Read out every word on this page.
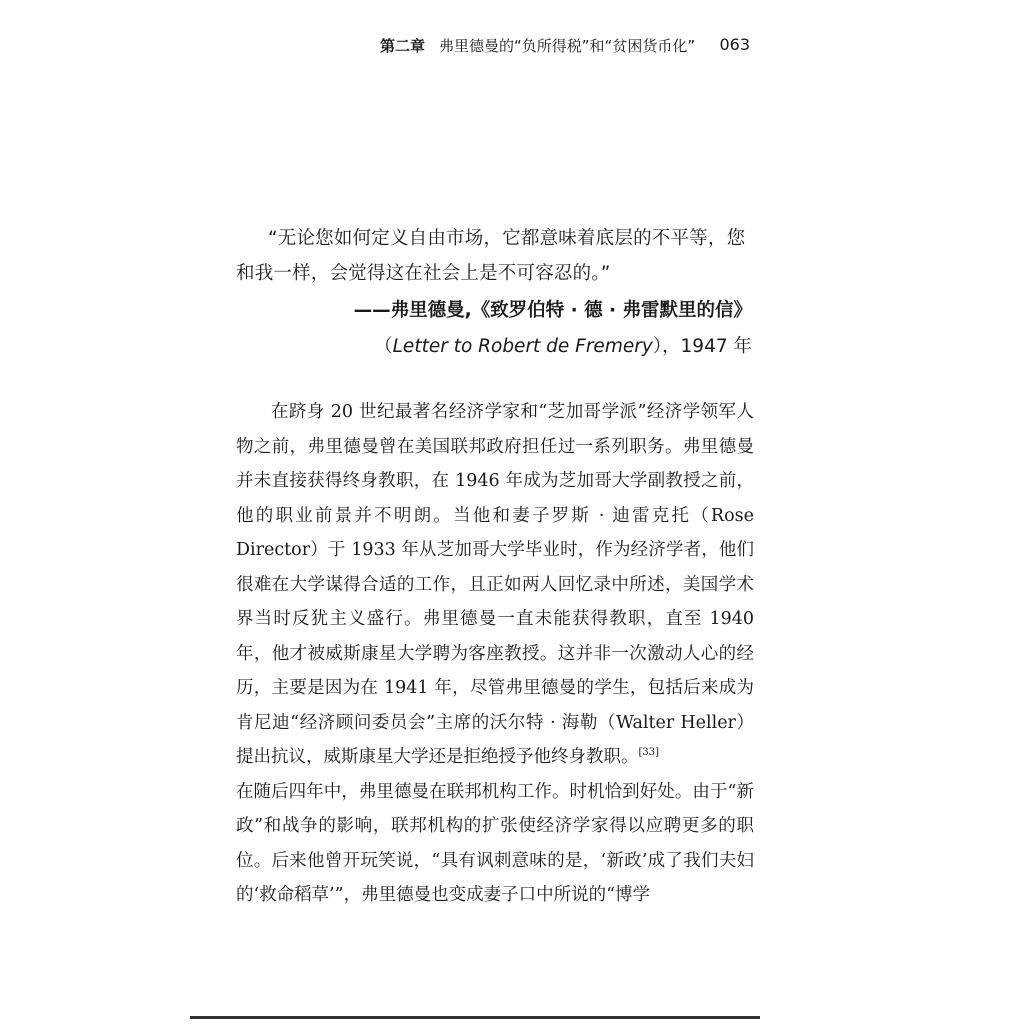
第二章 弗里德曼的“负所得税”和“贫困货币化” 063
“无论您如何定义自由市场，它都意味着底层的不平等，您
和我一样，会觉得这在社会上是不可容忍的。”
——弗里德曼,《致罗伯特 · 德 · 弗雷默里的信》
（Letter to Robert de Fremery），1947 年

在跻身 20 世纪最著名经济学家和“芝加哥学派”经济学领军人物之前，弗里德曼曾在美国联邦政府担任过一系列职务。弗里德曼并未直接获得终身教职，在 1946 年成为芝加哥大学副教授之前，他的职业前景并不明朗。当他和妻子罗斯 · 迪雷克托（Rose Director）于 1933 年从芝加哥大学毕业时，作为经济学者，他们很难在大学谋得合适的工作，且正如两人回忆录中所述，美国学术界当时反犹主义盛行。弗里德曼一直未能获得教职，直至 1940 年，他才被威斯康星大学聘为客座教授。这并非一次激动人心的经历，主要是因为在 1941 年，尽管弗里德曼的学生，包括后来成为肯尼迪“经济顾问委员会”主席的沃尔特 · 海勒（Walter Heller）提出抗议，威斯康星大学还是拒绝授予他终身教职。[33]

在随后四年中，弗里德曼在联邦机构工作。时机恰到好处。由于“新政”和战争的影响，联邦机构的扩张使经济学家得以应聘更多的职位。后来他曾开玩笑说，“具有讽刺意味的是，‘新政’成了我们夫妇的‘救命稻草’”，弗里德曼也变成妻子口中所说的“博学
